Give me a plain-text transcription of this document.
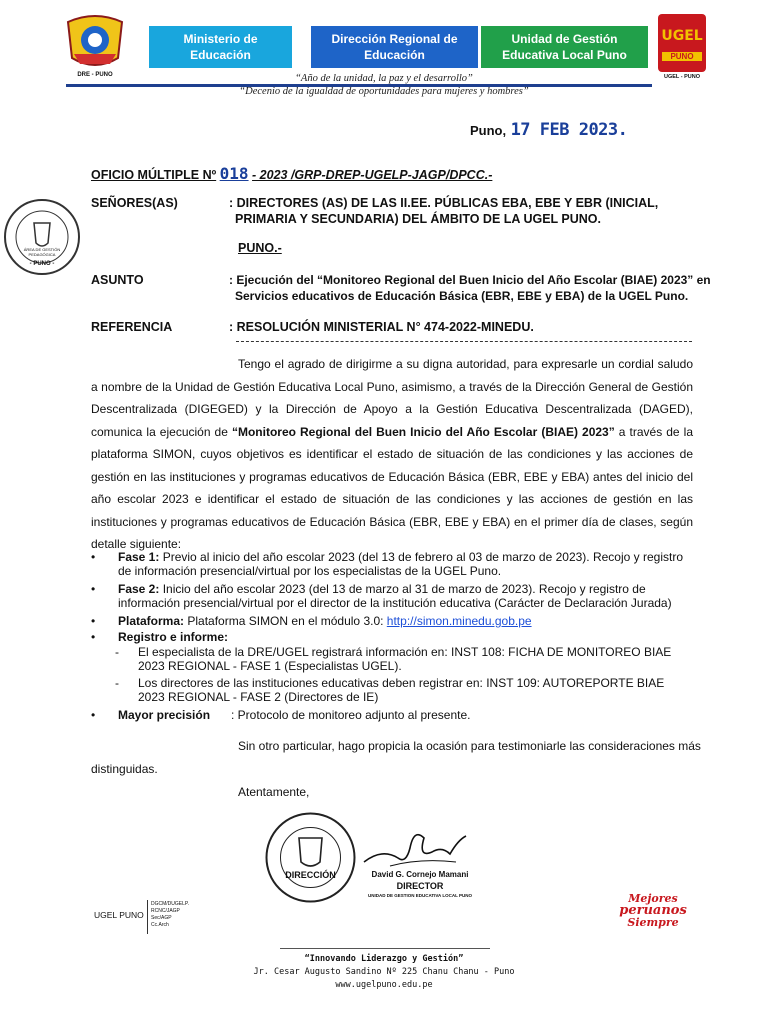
DRE - PUNO
Ministerio de Educación
Dirección Regional de Educación
Unidad de Gestión Educativa Local Puno
UGEL
PUNO
UGEL - PUNO
“Año de la unidad, la paz y el desarrollo”
“Decenio de la igualdad de oportunidades para mujeres y hombres”
Puno, 17 FEB 2023.
OFICIO MÚLTIPLE Nº 018 - 2023 /GRP-DREP-UGELP-JAGP/DPCC.-
ÁREA DE GESTIÓN PEDAGÓGICA
- PUNO -
SEÑORES(AS)	: DIRECTORES (AS) DE LAS II.EE. PÚBLICAS EBA, EBE Y EBR (INICIAL,
PRIMARIA Y SECUNDARIA) DEL ÁMBITO DE LA UGEL PUNO.
PUNO.-
ASUNTO	: Ejecución del “Monitoreo Regional del Buen Inicio del Año Escolar (BIAE) 2023” en
Servicios educativos de Educación Básica (EBR, EBE y EBA) de la UGEL Puno.
REFERENCIA	: RESOLUCIÓN MINISTERIAL N° 474-2022-MINEDU.
Tengo el agrado de dirigirme a su digna autoridad, para expresarle un cordial saludo a nombre de la Unidad de Gestión Educativa Local Puno, asimismo, a través de la Dirección General de Gestión Descentralizada (DIGEGED) y la Dirección de Apoyo a la Gestión Educativa Descentralizada (DAGED), comunica la ejecución de “Monitoreo Regional del Buen Inicio del Año Escolar (BIAE) 2023” a través de la plataforma SIMON, cuyos objetivos es identificar el estado de situación de las condiciones y las acciones de gestión en las instituciones y programas educativos de Educación Básica (EBR, EBE y EBA) antes del inicio del año escolar 2023 e identificar el estado de situación de las condiciones y las acciones de gestión en las instituciones y programas educativos de Educación Básica (EBR, EBE y EBA) en el primer día de clases, según detalle siguiente:
• Fase 1: Previo al inicio del año escolar 2023 (del 13 de febrero al 03 de marzo de 2023). Recojo y registro de información presencial/virtual por los especialistas de la UGEL Puno.
• Fase 2: Inicio del año escolar 2023 (del 13 de marzo al 31 de marzo de 2023). Recojo y registro de información presencial/virtual por el director de la institución educativa (Carácter de Declaración Jurada)
• Plataforma: Plataforma SIMON en el módulo 3.0: http://simon.minedu.gob.pe
• Registro e informe:
- El especialista de la DRE/UGEL registrará información en: INST 108: FICHA DE MONITOREO BIAE 2023 REGIONAL - FASE 1 (Especialistas UGEL).
- Los directores de las instituciones educativas deben registrar en: INST 109: AUTOREPORTE BIAE 2023 REGIONAL - FASE 2 (Directores de IE)
• Mayor precisión : Protocolo de monitoreo adjunto al presente.
Sin otro particular, hago propicia la ocasión para testimoniarle las consideraciones más
distinguidas.
Atentamente,
DIRECCIÓN	David G. Cornejo Mamani
DIRECTOR
UNIDAD DE GESTION EDUCATIVA LOCAL PUNO
UGEL PUNO
DGCM/DUGELP.
RCNC/JAGP
Sec/AGP
Cc.Arch
Mejores
peruanos
Siempre
“Innovando Liderazgo y Gestión”
Jr. Cesar Augusto Sandino Nº 225 Chanu Chanu - Puno
www.ugelpuno.edu.pe
